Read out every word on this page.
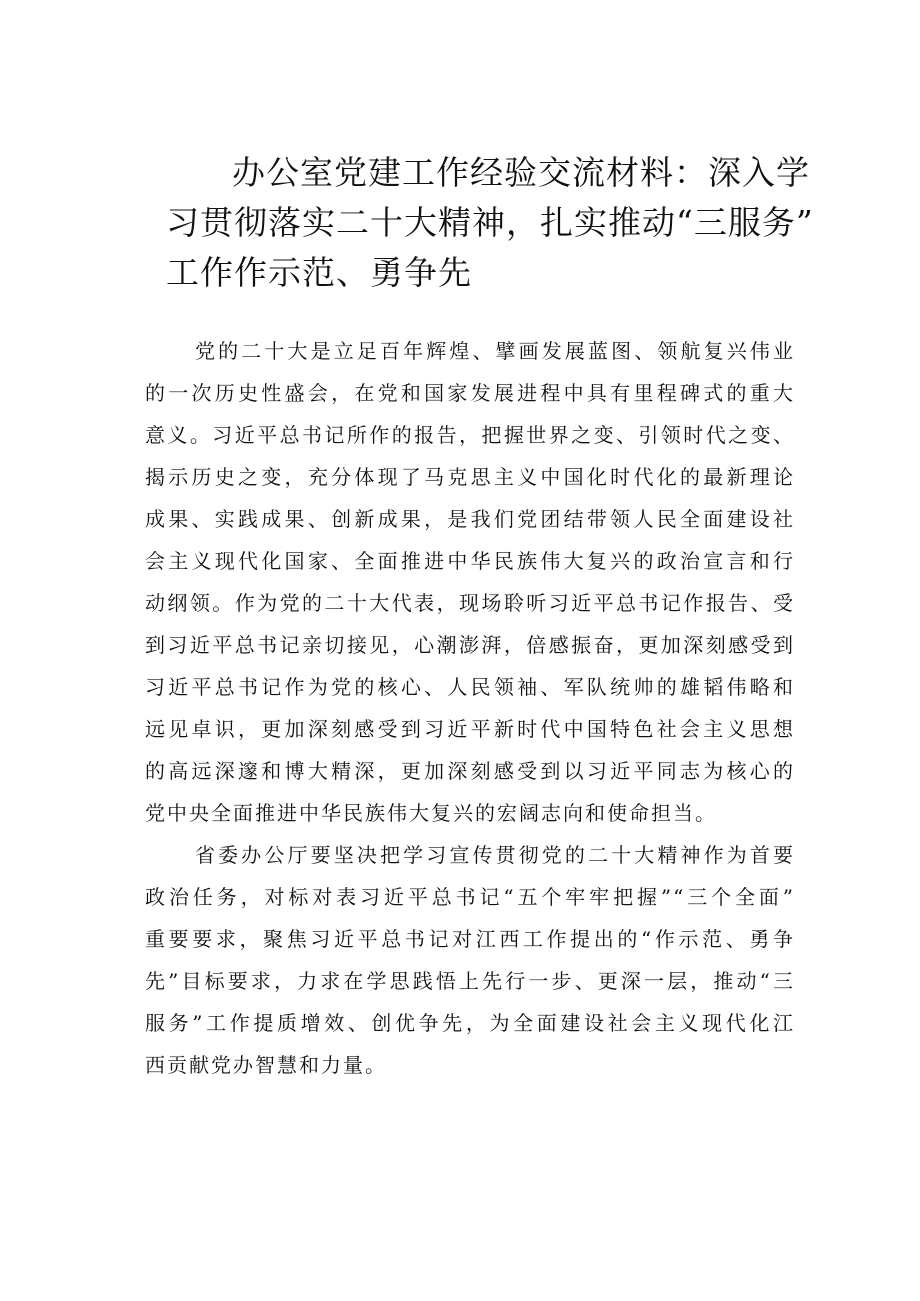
办公室党建工作经验交流材料：深入学
习贯彻落实二十大精神，扎实推动“三服务”
工作作示范、勇争先

党的二十大是立足百年辉煌、擘画发展蓝图、领航复兴伟业
的一次历史性盛会，在党和国家发展进程中具有里程碑式的重大
意义。习近平总书记所作的报告，把握世界之变、引领时代之变、
揭示历史之变，充分体现了马克思主义中国化时代化的最新理论
成果、实践成果、创新成果，是我们党团结带领人民全面建设社
会主义现代化国家、全面推进中华民族伟大复兴的政治宣言和行
动纲领。作为党的二十大代表，现场聆听习近平总书记作报告、受
到习近平总书记亲切接见，心潮澎湃，倍感振奋，更加深刻感受到
习近平总书记作为党的核心、人民领袖、军队统帅的雄韬伟略和
远见卓识，更加深刻感受到习近平新时代中国特色社会主义思想
的高远深邃和博大精深，更加深刻感受到以习近平同志为核心的
党中央全面推进中华民族伟大复兴的宏阔志向和使命担当。

省委办公厅要坚决把学习宣传贯彻党的二十大精神作为首要
政治任务，对标对表习近平总书记“五个牢牢把握”“三个全面”
重要要求，聚焦习近平总书记对江西工作提出的“作示范、勇争
先”目标要求，力求在学思践悟上先行一步、更深一层，推动“三
服务”工作提质增效、创优争先，为全面建设社会主义现代化江
西贡献党办智慧和力量。
